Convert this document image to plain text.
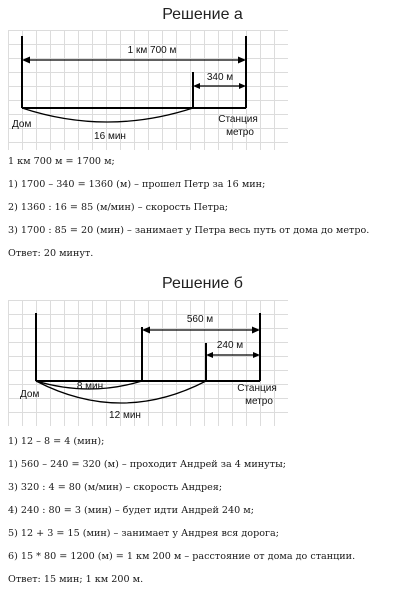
Решение а
1 км 700 м
340 м
Дом	Станция
метро
16 мин
1 км 700 м = 1700 м;
1) 1700 – 340 = 1360 (м) – прошел Петр за 16 мин;
2) 1360 : 16 = 85 (м/мин) – скорость Петра;
3) 1700 : 85 = 20 (мин) – занимает у Петра весь путь от дома до метро.
Ответ: 20 минут.
Решение б
560 м
240 м
Дом
8 мин
12 мин
Станция
метро
1) 12 – 8 = 4 (мин);
1) 560 – 240 = 320 (м) – проходит Андрей за 4 минуты;
3) 320 : 4 = 80 (м/мин) – скорость Андрея;
4) 240 : 80 = 3 (мин) – будет идти Андрей 240 м;
5) 12 + 3 = 15 (мин) – занимает у Андрея вся дорога;
6) 15 * 80 = 1200 (м) = 1 км 200 м – расстояние от дома до станции.
Ответ: 15 мин; 1 км 200 м.
